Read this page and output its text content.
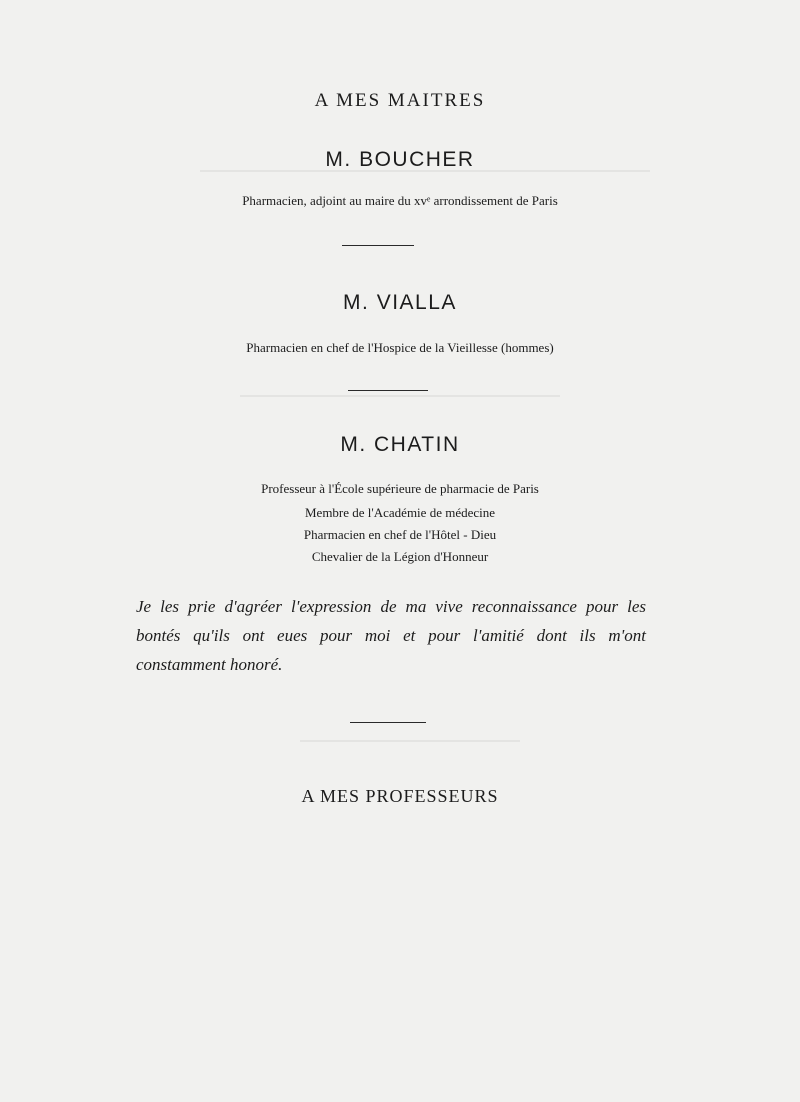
A MES MAITRES
M. BOUCHER
Pharmacien, adjoint au maire du xvᵉ arrondissement de Paris
M. VIALLA
Pharmacien en chef de l'Hospice de la Vieillesse (hommes)
M. CHATIN
Professeur à l'École supérieure de pharmacie de Paris
Membre de l'Académie de médecine
Pharmacien en chef de l'Hôtel - Dieu
Chevalier de la Légion d'Honneur
Je les prie d'agréer l'expression de ma vive reconnaissance pour les bontés qu'ils ont eues pour moi et pour l'amitié dont ils m'ont constamment honoré.
A MES PROFESSEURS
